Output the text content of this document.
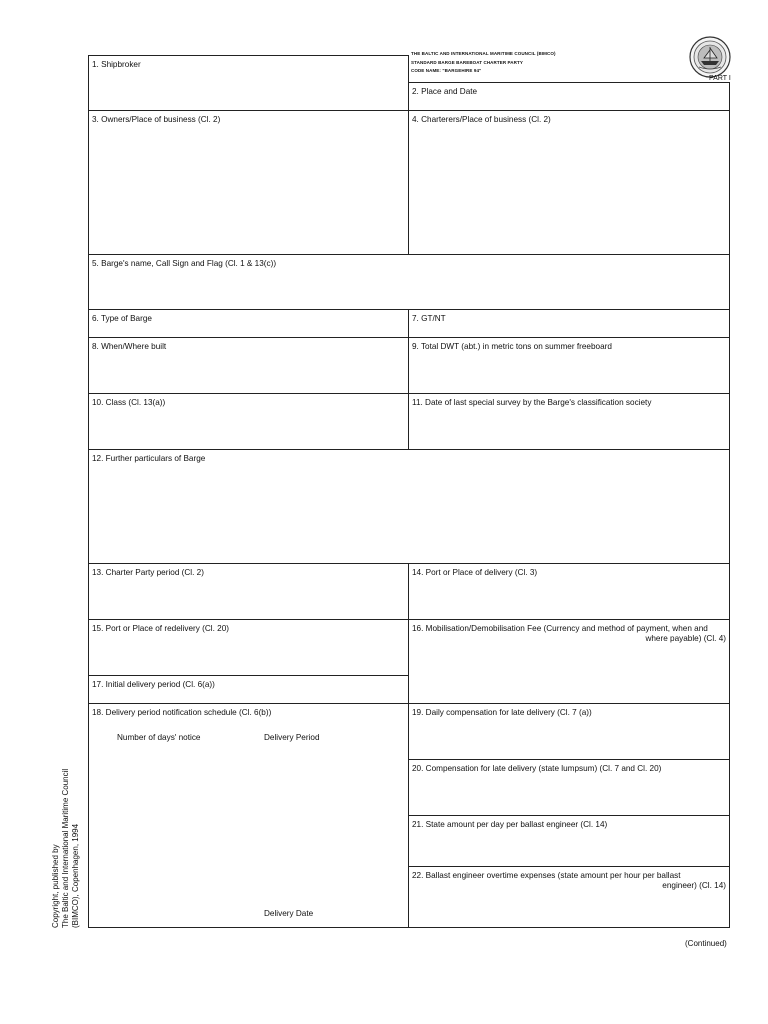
THE BALTIC AND INTERNATIONAL MARITIME COUNCIL (BIMCO)
STANDARD BARGE BAREBOAT CHARTER PARTY
CODE NAME: "BARGEHIRE 94"
PART I
1. Shipbroker
2. Place and Date
3. Owners/Place of business (Cl. 2)	4. Charterers/Place of business (Cl. 2)
5. Barge's name, Call Sign and Flag (Cl. 1 & 13(c))
6. Type of Barge	7. GT/NT
8. When/Where built	9. Total DWT (abt.) in metric tons on summer freeboard
10. Class (Cl. 13(a))	11. Date of last special survey by the Barge's classification society
12. Further particulars of Barge
13. Charter Party period (Cl. 2)	14. Port or Place of delivery (Cl. 3)
15. Port or Place of redelivery (Cl. 20)	16. Mobilisation/Demobilisation Fee (Currency and method of payment, when and
where payable) (Cl. 4)
17. Initial delivery period (Cl. 6(a))
18. Delivery period notification schedule (Cl. 6(b))
Number of days' notice	Delivery Period
Delivery Date
19. Daily compensation for late delivery (Cl. 7 (a))
20. Compensation for late delivery (state lumpsum) (Cl. 7 and Cl. 20)
21. State amount per day per ballast engineer (Cl. 14)
22. Ballast engineer overtime expenses (state amount per hour per ballast
engineer) (Cl. 14)
Copyright, published by The Baltic and International Maritime Council (BIMCO), Copenhagen, 1994
(Continued)
